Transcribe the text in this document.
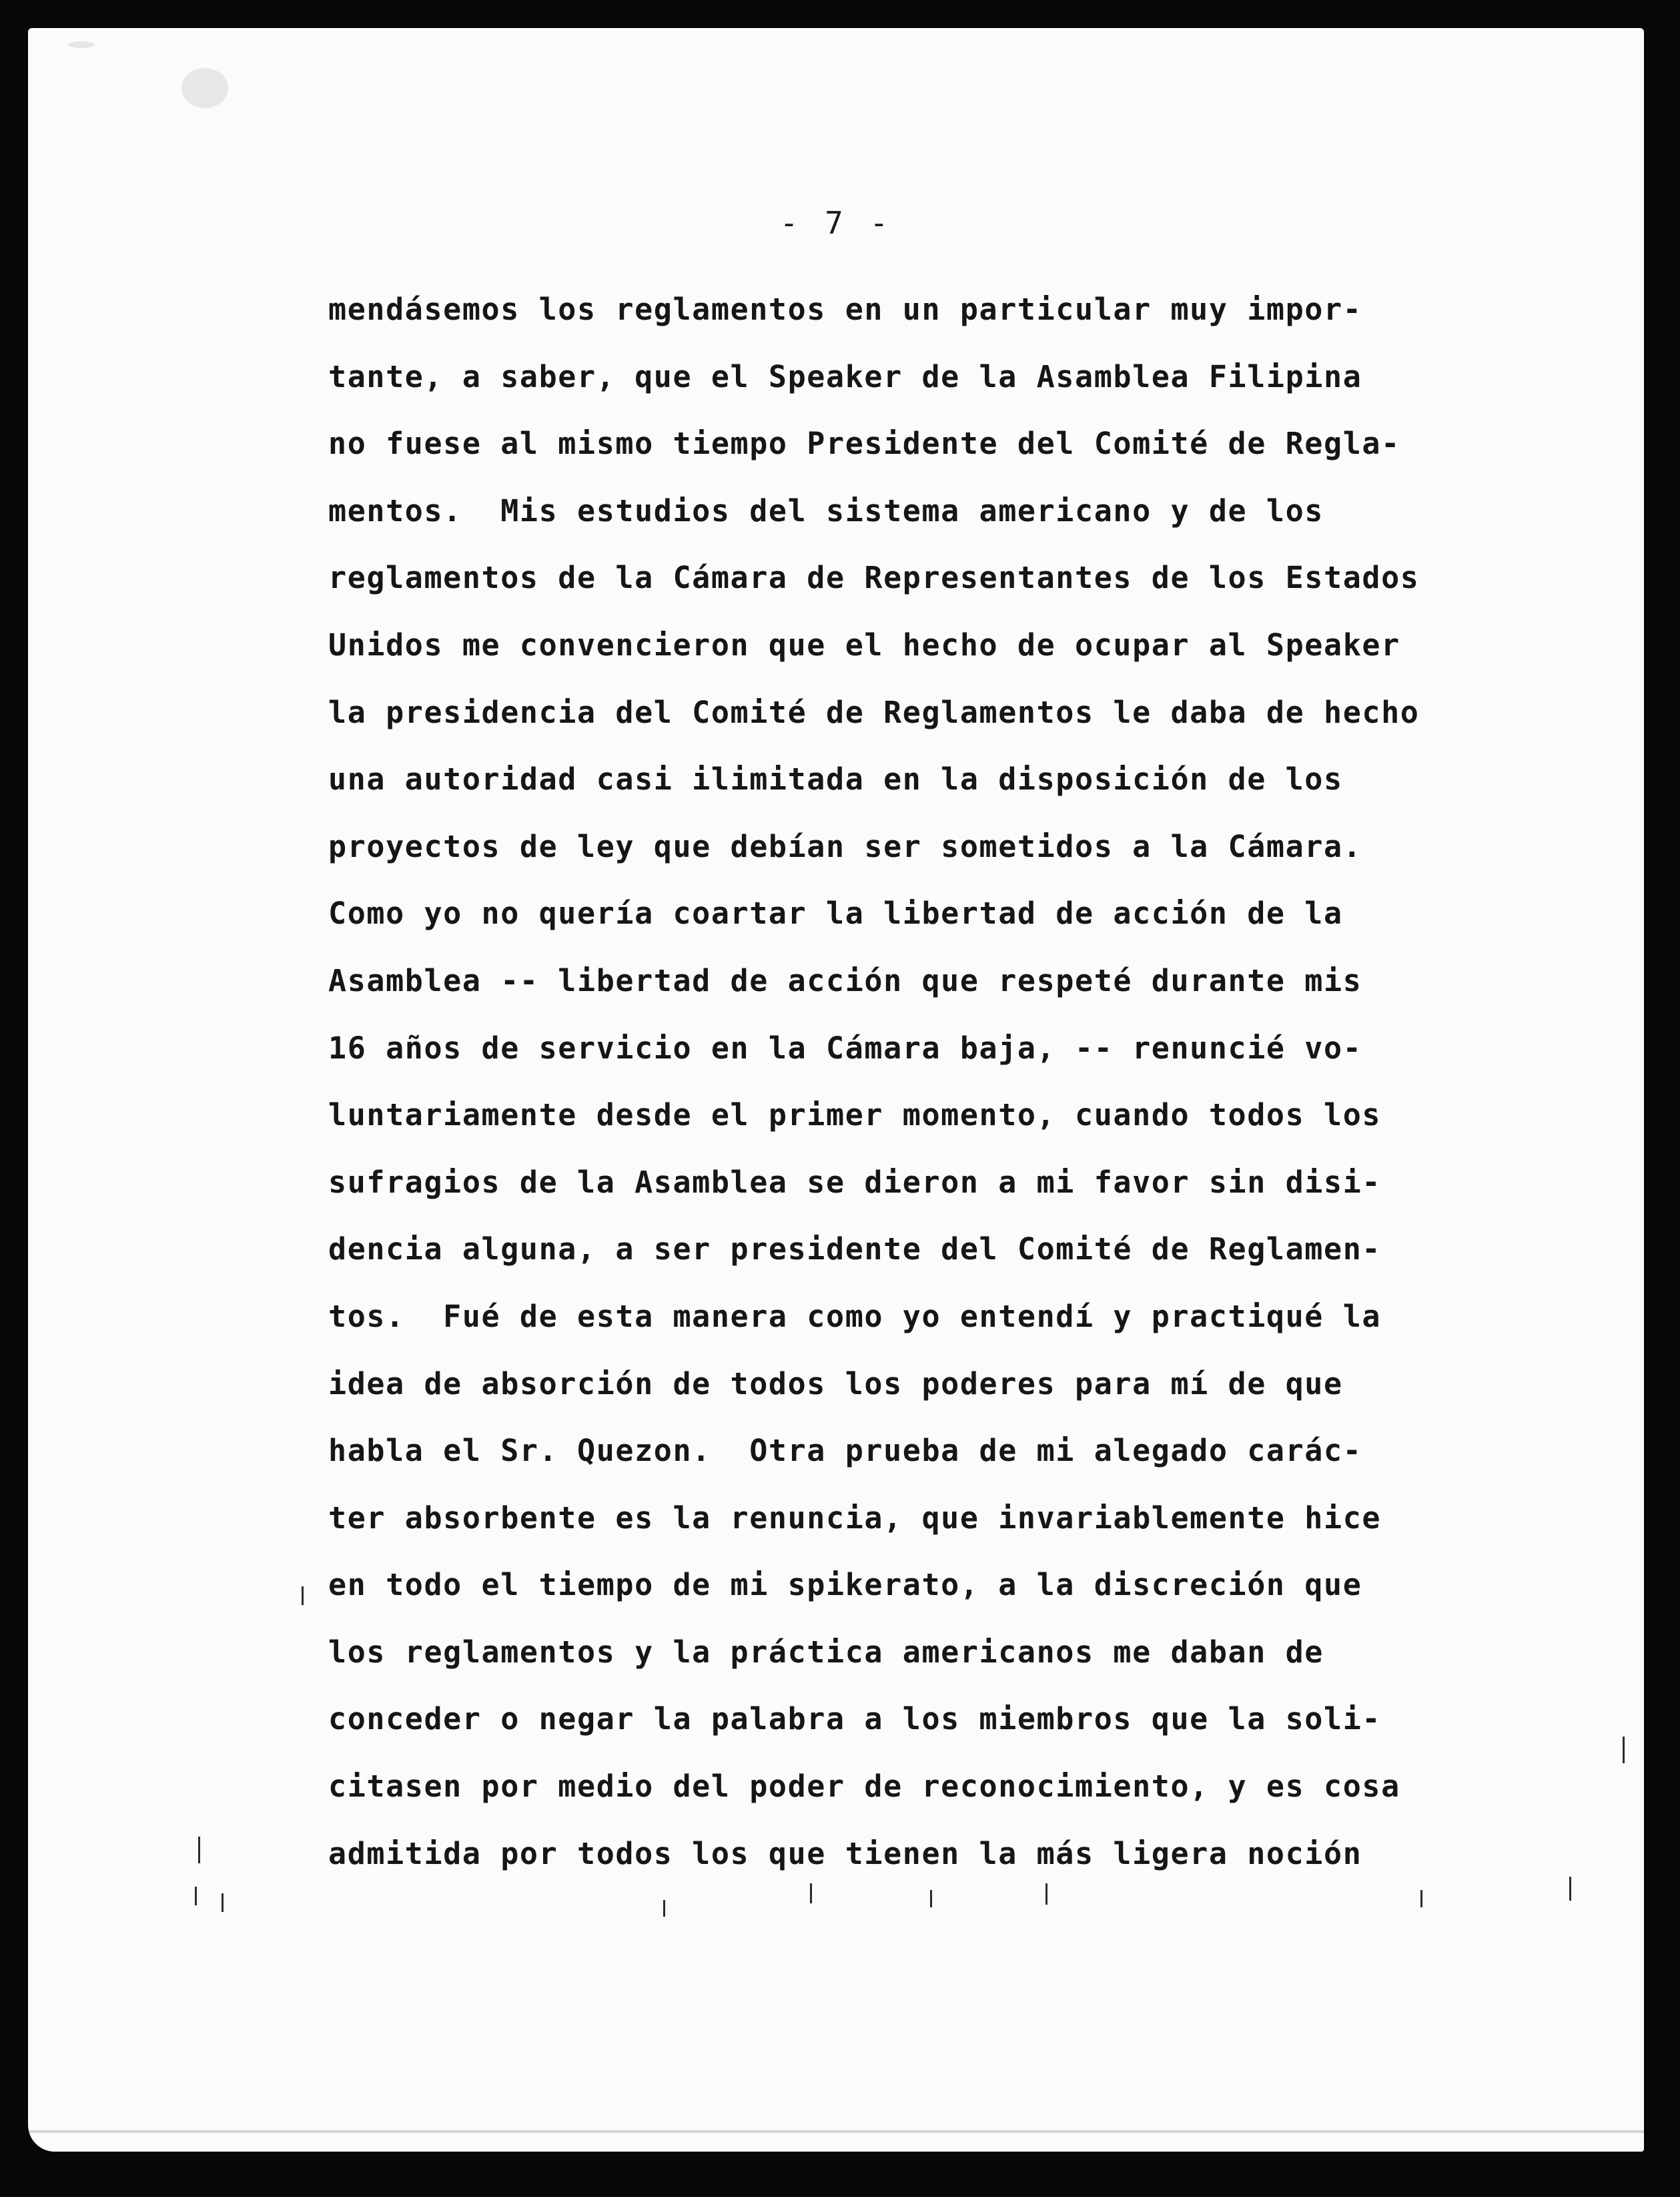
- 7 -
mendásemos los reglamentos en un particular muy impor-
tante, a saber, que el Speaker de la Asamblea Filipina
no fuese al mismo tiempo Presidente del Comité de Regla-
mentos.  Mis estudios del sistema americano y de los
reglamentos de la Cámara de Representantes de los Estados
Unidos me convencieron que el hecho de ocupar al Speaker
la presidencia del Comité de Reglamentos le daba de hecho
una autoridad casi ilimitada en la disposición de los
proyectos de ley que debían ser sometidos a la Cámara.
Como yo no quería coartar la libertad de acción de la
Asamblea -- libertad de acción que respeté durante mis
16 años de servicio en la Cámara baja, -- renuncié vo-
luntariamente desde el primer momento, cuando todos los
sufragios de la Asamblea se dieron a mi favor sin disi-
dencia alguna, a ser presidente del Comité de Reglamen-
tos.  Fué de esta manera como yo entendí y practiqué la
idea de absorción de todos los poderes para mí de que
habla el Sr. Quezon.  Otra prueba de mi alegado carác-
ter absorbente es la renuncia, que invariablemente hice
en todo el tiempo de mi spikerato, a la discreción que
los reglamentos y la práctica americanos me daban de
conceder o negar la palabra a los miembros que la soli-
citasen por medio del poder de reconocimiento, y es cosa
admitida por todos los que tienen la más ligera noción
